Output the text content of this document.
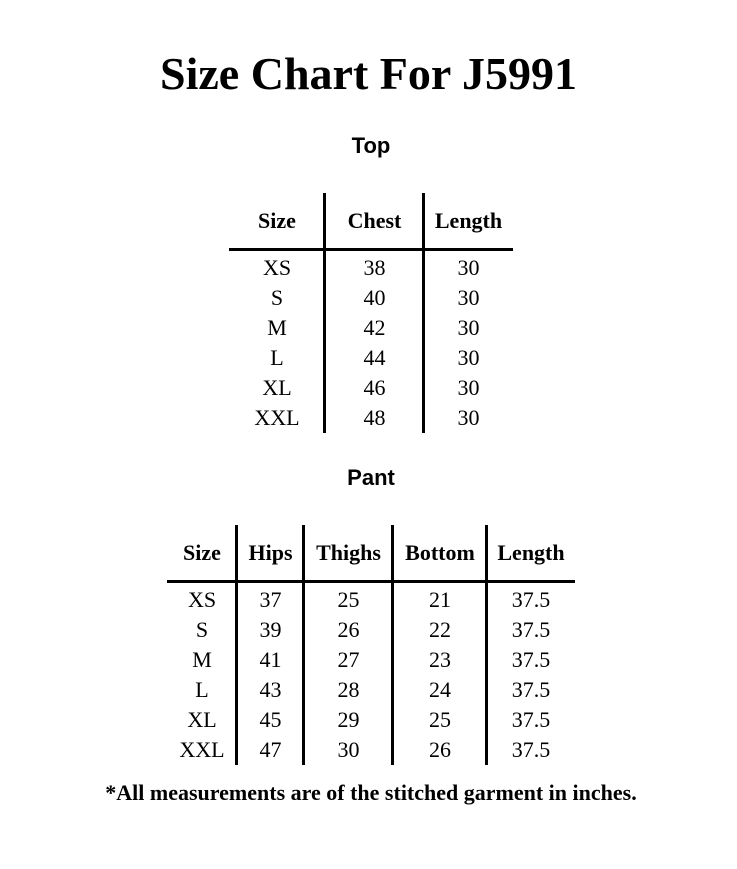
Size Chart For J5991
Top
Size	Chest	Length
XS	38	30
S	40	30
M	42	30
L	44	30
XL	46	30
XXL	48	30
Pant
Size	Hips	Thighs	Bottom	Length
XS	37	25	21	37.5
S	39	26	22	37.5
M	41	27	23	37.5
L	43	28	24	37.5
XL	45	29	25	37.5
XXL	47	30	26	37.5
*All measurements are of the stitched garment in inches.
